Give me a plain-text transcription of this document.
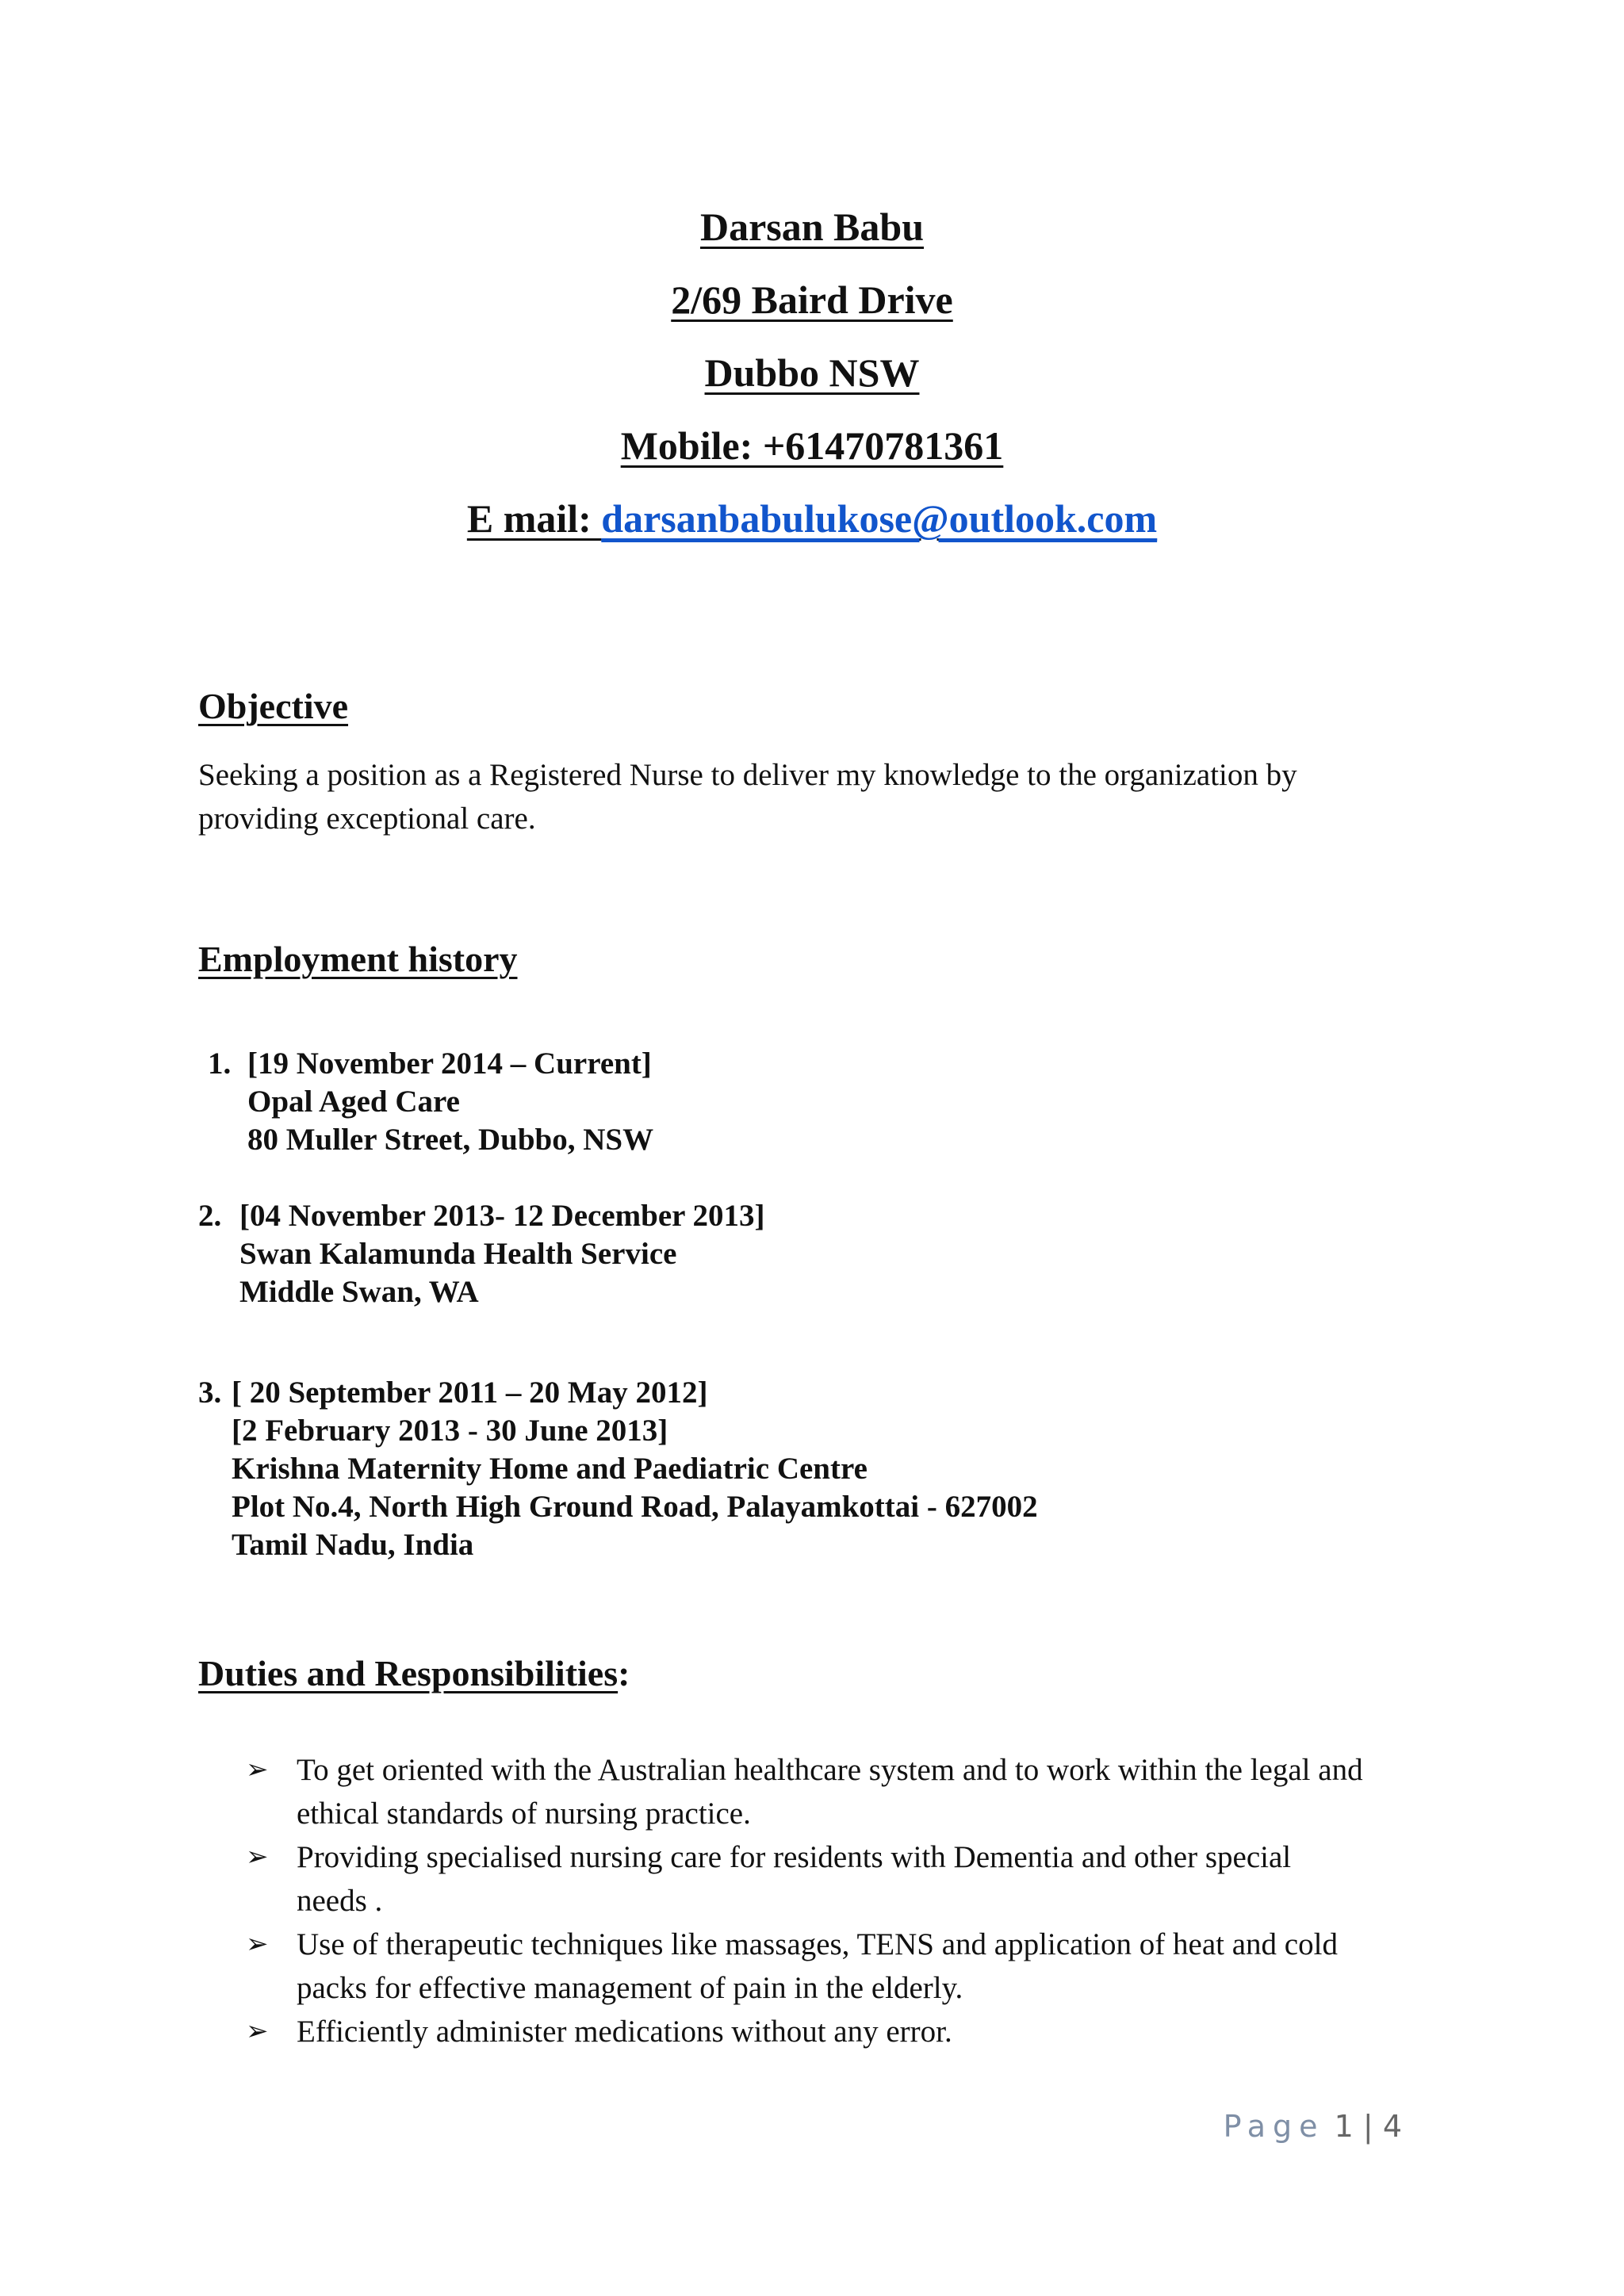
Darsan Babu
2/69 Baird Drive
Dubbo NSW
Mobile: +61470781361
E mail: darsanbabulukose@outlook.com
Objective
Seeking a position as a Registered Nurse to deliver my knowledge to the organization by
providing exceptional care.
Employment history
1. [19 November 2014 – Current]
Opal Aged Care
80 Muller Street, Dubbo, NSW
2. [04 November 2013- 12 December 2013]
Swan Kalamunda Health Service
Middle Swan, WA
3. [ 20 September 2011 – 20 May 2012]
[2 February 2013 - 30 June 2013]
Krishna Maternity Home and Paediatric Centre
Plot No.4, North High Ground Road, Palayamkottai - 627002
Tamil Nadu, India
Duties and Responsibilities:
➢ To get oriented with the Australian healthcare system and to work within the legal and
ethical standards of nursing practice.
➢ Providing specialised nursing care for residents with Dementia and other special
needs .
➢ Use of therapeutic techniques like massages, TENS and application of heat and cold
packs for effective management of pain in the elderly.
➢ Efficiently administer medications without any error.
Page 1 | 4
